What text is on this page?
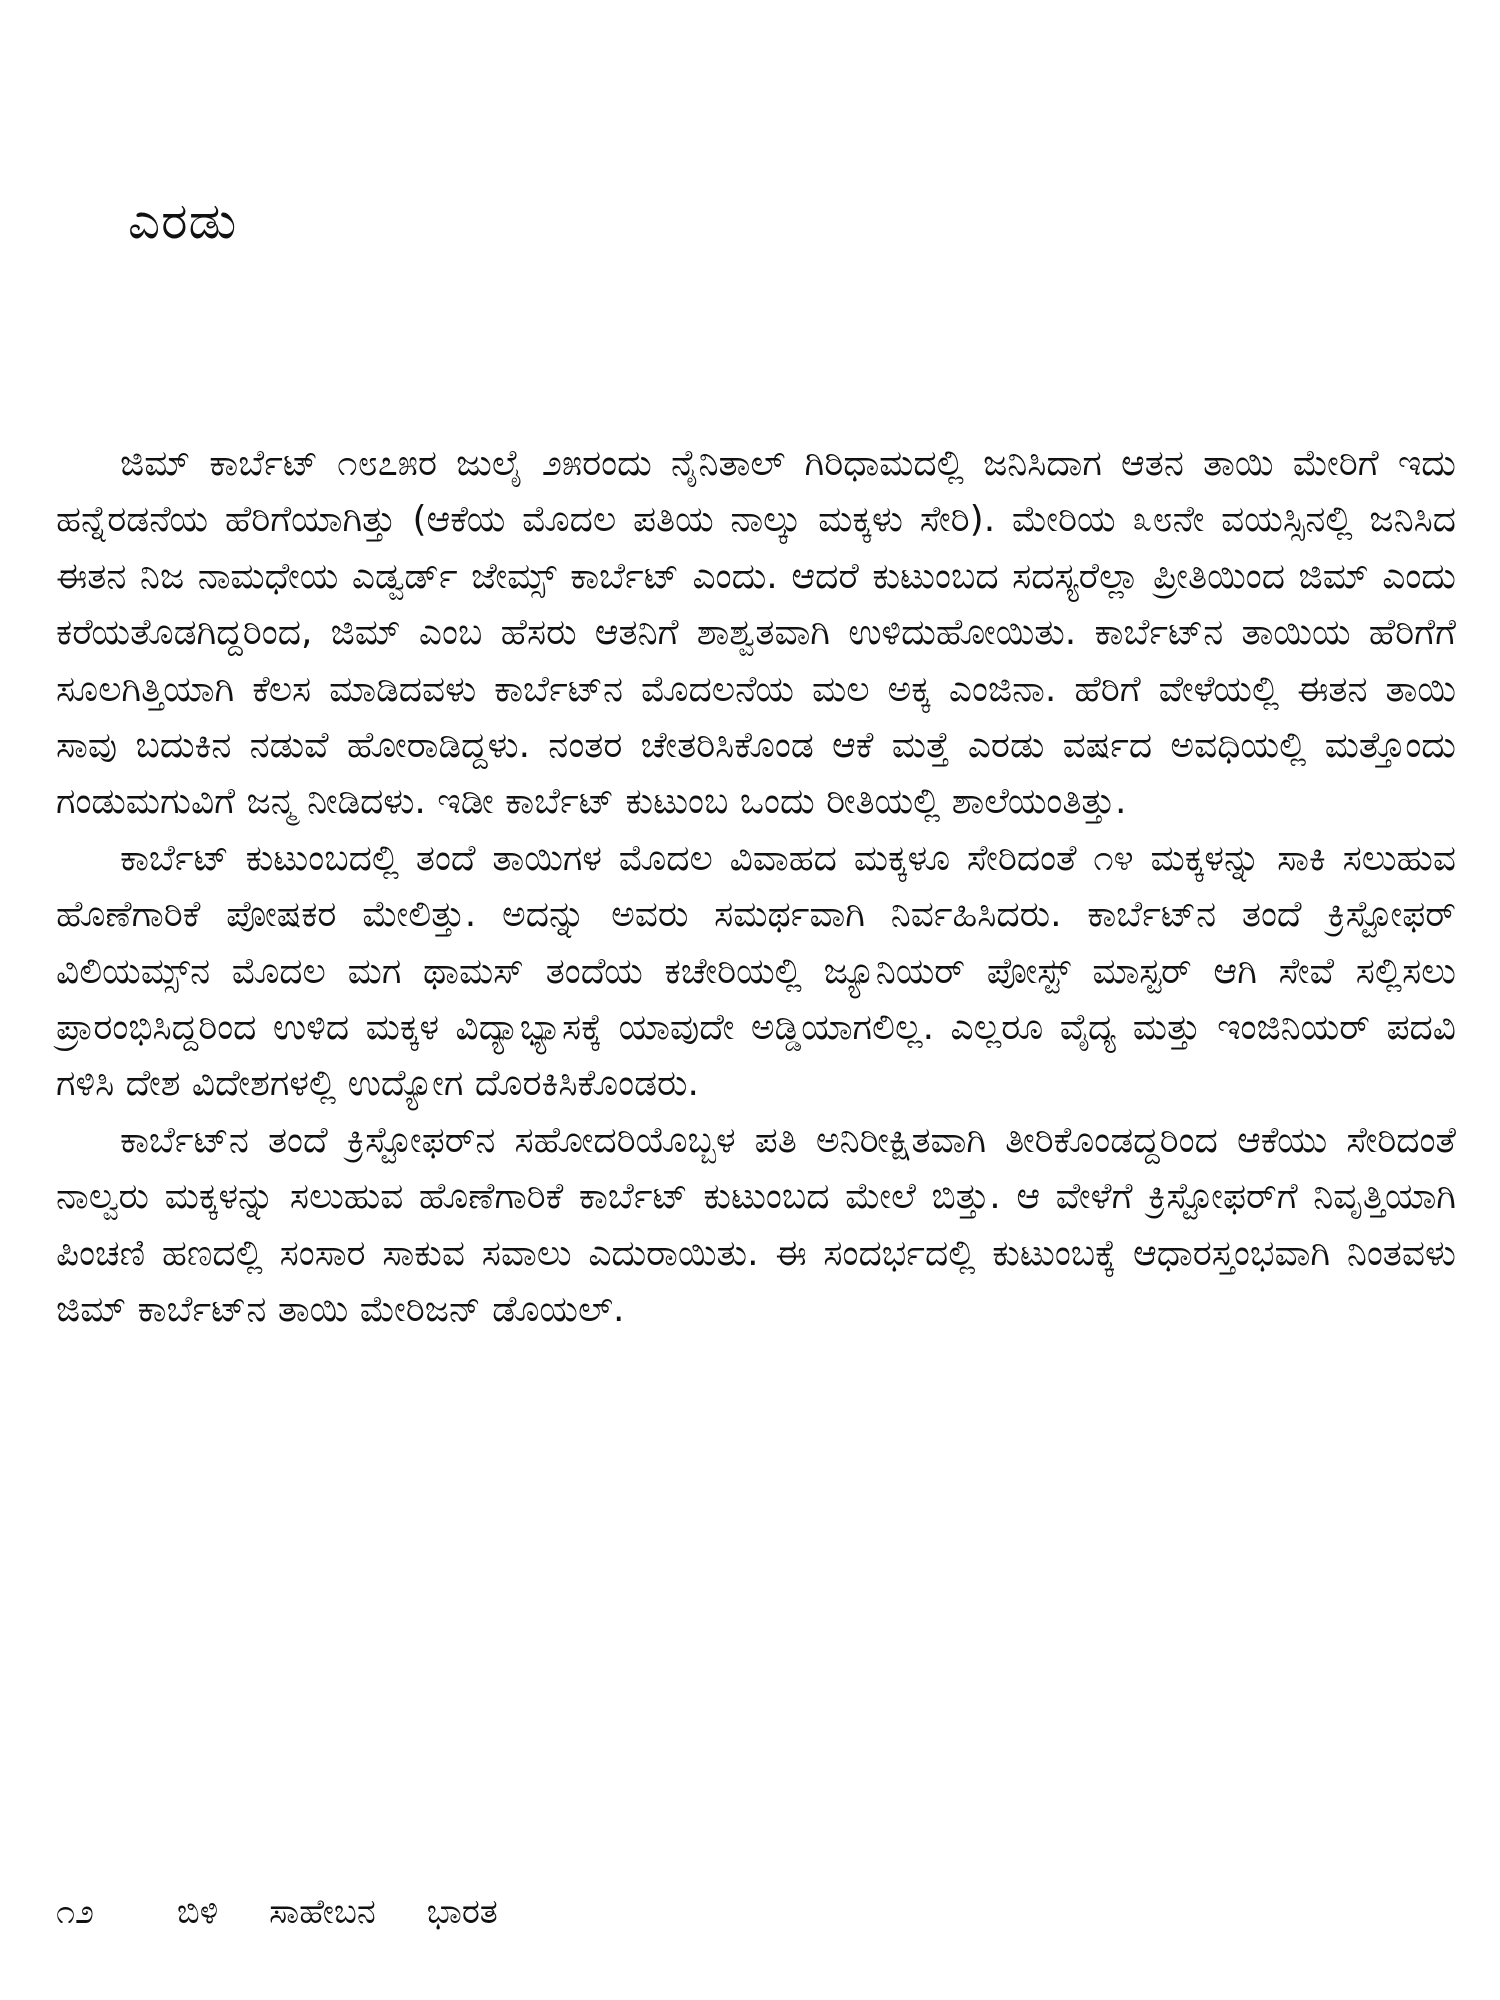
ಎರಡು

ಜಿಮ್ ಕಾರ್ಬೆಟ್ ೧೮೭೫ರ ಜುಲೈ ೨೫ರಂದು ನೈನಿತಾಲ್ ಗಿರಿಧಾಮದಲ್ಲಿ ಜನಿಸಿದಾಗ ಆತನ ತಾಯಿ ಮೇರಿಗೆ ಇದು ಹನ್ನೆರಡನೆಯ ಹೆರಿಗೆಯಾಗಿತ್ತು (ಆಕೆಯ ಮೊದಲ ಪತಿಯ ನಾಲ್ಕು ಮಕ್ಕಳು ಸೇರಿ). ಮೇರಿಯ ೩೮ನೇ ವಯಸ್ಸಿನಲ್ಲಿ ಜನಿಸಿದ ಈತನ ನಿಜ ನಾಮಧೇಯ ಎಡ್ವರ್ಡ್ ಜೇಮ್ಸ್ ಕಾರ್ಬೆಟ್ ಎಂದು. ಆದರೆ ಕುಟುಂಬದ ಸದಸ್ಯರೆಲ್ಲಾ ಪ್ರೀತಿಯಿಂದ ಜಿಮ್ ಎಂದು ಕರೆಯತೊಡಗಿದ್ದರಿಂದ, ಜಿಮ್ ಎಂಬ ಹೆಸರು ಆತನಿಗೆ ಶಾಶ್ವತವಾಗಿ ಉಳಿದುಹೋಯಿತು. ಕಾರ್ಬೆಟ್‌ನ ತಾಯಿಯ ಹೆರಿಗೆಗೆ ಸೂಲಗಿತ್ತಿಯಾಗಿ ಕೆಲಸ ಮಾಡಿದವಳು ಕಾರ್ಬೆಟ್‌ನ ಮೊದಲನೆಯ ಮಲ ಅಕ್ಕ ಎಂಜಿನಾ. ಹೆರಿಗೆ ವೇಳೆಯಲ್ಲಿ ಈತನ ತಾಯಿ ಸಾವು ಬದುಕಿನ ನಡುವೆ ಹೋರಾಡಿದ್ದಳು. ನಂತರ ಚೇತರಿಸಿಕೊಂಡ ಆಕೆ ಮತ್ತೆ ಎರಡು ವರ್ಷದ ಅವಧಿಯಲ್ಲಿ ಮತ್ತೊಂದು ಗಂಡುಮಗುವಿಗೆ ಜನ್ಮ ನೀಡಿದಳು. ಇಡೀ ಕಾರ್ಬೆಟ್ ಕುಟುಂಬ ಒಂದು ರೀತಿಯಲ್ಲಿ ಶಾಲೆಯಂತಿತ್ತು.

ಕಾರ್ಬೆಟ್ ಕುಟುಂಬದಲ್ಲಿ ತಂದೆ ತಾಯಿಗಳ ಮೊದಲ ವಿವಾಹದ ಮಕ್ಕಳೂ ಸೇರಿದಂತೆ ೧೪ ಮಕ್ಕಳನ್ನು ಸಾಕಿ ಸಲುಹುವ ಹೊಣೆಗಾರಿಕೆ ಪೋಷಕರ ಮೇಲಿತ್ತು. ಅದನ್ನು ಅವರು ಸಮರ್ಥವಾಗಿ ನಿರ್ವಹಿಸಿದರು. ಕಾರ್ಬೆಟ್‌ನ ತಂದೆ ಕ್ರಿಸ್ಟೋಫರ್ ವಿಲಿಯಮ್ಸ್‌ನ ಮೊದಲ ಮಗ ಥಾಮಸ್ ತಂದೆಯ ಕಚೇರಿಯಲ್ಲಿ ಜ್ಯೂನಿಯರ್ ಪೋಸ್ಟ್ ಮಾಸ್ಟರ್ ಆಗಿ ಸೇವೆ ಸಲ್ಲಿಸಲು ಪ್ರಾರಂಭಿಸಿದ್ದರಿಂದ ಉಳಿದ ಮಕ್ಕಳ ವಿದ್ಯಾಭ್ಯಾಸಕ್ಕೆ ಯಾವುದೇ ಅಡ್ಡಿಯಾಗಲಿಲ್ಲ. ಎಲ್ಲರೂ ವೈದ್ಯ ಮತ್ತು ಇಂಜಿನಿಯರ್ ಪದವಿ ಗಳಿಸಿ ದೇಶ ವಿದೇಶಗಳಲ್ಲಿ ಉದ್ಯೋಗ ದೊರಕಿಸಿಕೊಂಡರು.

ಕಾರ್ಬೆಟ್‌ನ ತಂದೆ ಕ್ರಿಸ್ಟೋಫರ್‌ನ ಸಹೋದರಿಯೊಬ್ಬಳ ಪತಿ ಅನಿರೀಕ್ಷಿತವಾಗಿ ತೀರಿಕೊಂಡದ್ದರಿಂದ ಆಕೆಯು ಸೇರಿದಂತೆ ನಾಲ್ವರು ಮಕ್ಕಳನ್ನು ಸಲುಹುವ ಹೊಣೆಗಾರಿಕೆ ಕಾರ್ಬೆಟ್ ಕುಟುಂಬದ ಮೇಲೆ ಬಿತ್ತು. ಆ ವೇಳೆಗೆ ಕ್ರಿಸ್ಟೋಫರ್‌ಗೆ ನಿವೃತ್ತಿಯಾಗಿ ಪಿಂಚಣಿ ಹಣದಲ್ಲಿ ಸಂಸಾರ ಸಾಕುವ ಸವಾಲು ಎದುರಾಯಿತು. ಈ ಸಂದರ್ಭದಲ್ಲಿ ಕುಟುಂಬಕ್ಕೆ ಆಧಾರಸ್ತಂಭವಾಗಿ ನಿಂತವಳು ಜಿಮ್ ಕಾರ್ಬೆಟ್‌ನ ತಾಯಿ ಮೇರಿಜನ್ ಡೊಯಲ್.

೧೨ ಬಿಳಿ ಸಾಹೇಬನ ಭಾರತ
